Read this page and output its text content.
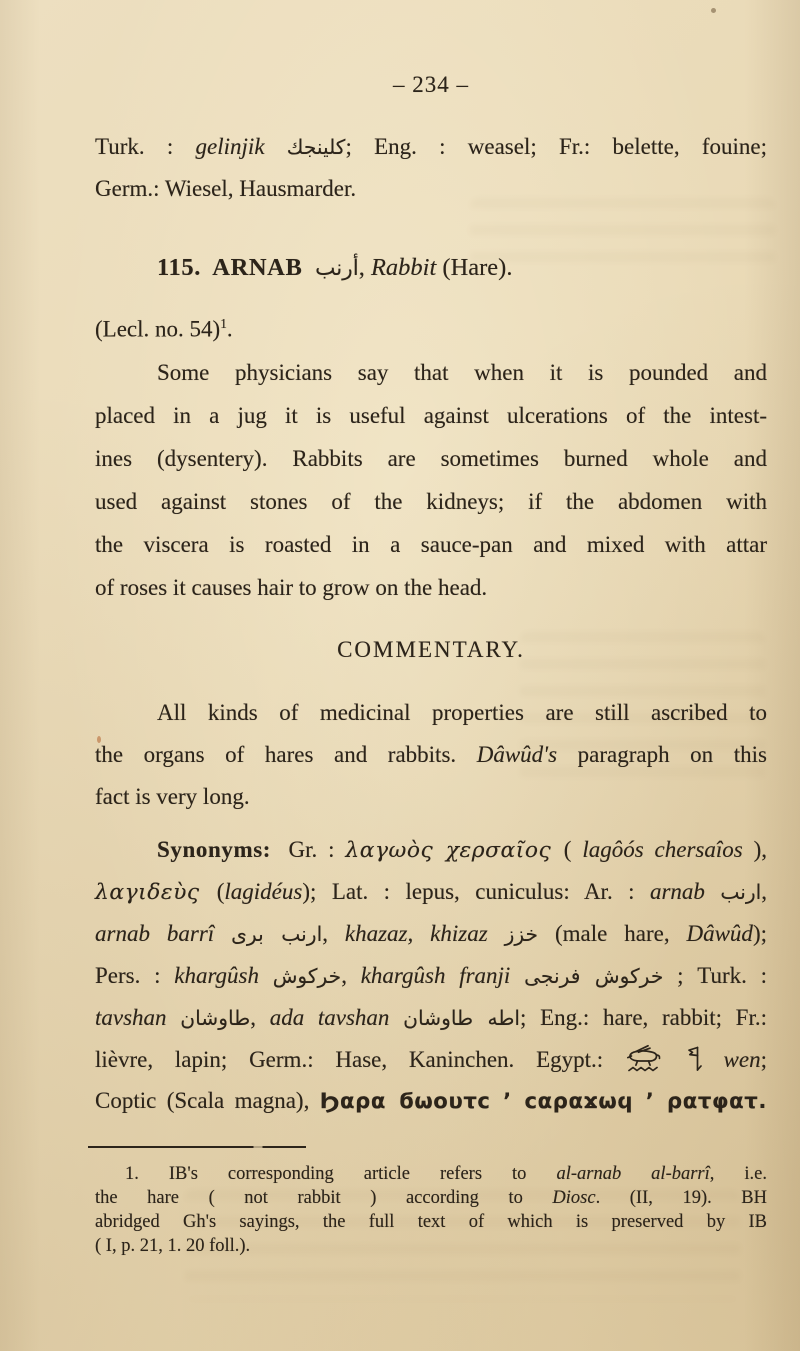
– 234 –
Turk. : gelinjik كلينجك; Eng. : weasel; Fr.: belette, fouine;
Germ.: Wiesel, Hausmarder.
115. ARNAB أرنب, Rabbit (Hare).
(Lecl. no. 54)$^1$.
Some physicians say that when it is pounded and
placed in a jug it is useful against ulcerations of the intest-
ines (dysentery). Rabbits are sometimes burned whole and
used against stones of the kidneys; if the abdomen with
the viscera is roasted in a sauce-pan and mixed with attar
of roses it causes hair to grow on the head.
COMMENTARY.
All kinds of medicinal properties are still ascribed to
the organs of hares and rabbits. Dâwûd's paragraph on this
fact is very long.
Synonyms: Gr. : λαγωὸς χερσαῖος ( lagôós chersaîos ),
λαγιδεὺς (lagidéus); Lat. : lepus, cuniculus: Ar. : arnab ارنب,
arnab barrî ارنب برى, khazaz, khizaz خزز (male hare, Dâwûd);
Pers. : khargûsh خركوش, khargûsh franji خركوش فرنجى ; Turk. :
tavshan طاوشان, ada tavshan اطه طاوشان; Eng.: hare, rabbit; Fr.:
lièvre, lapin; Germ.: Hase, Kaninchen. Egypt.:	wen;
Coptic (Scala magna), Ϧαρα ϭωουτϲ ’ ϲαραϫωϥ ’ ρατφατ.
1. IB's corresponding article refers to al-arnab al-barrî, i.e.
the hare ( not rabbit ) according to Diosc. (II, 19). BH
abridged Gh's sayings, the full text of which is preserved by IB
( I, p. 21, 1. 20 foll.).
